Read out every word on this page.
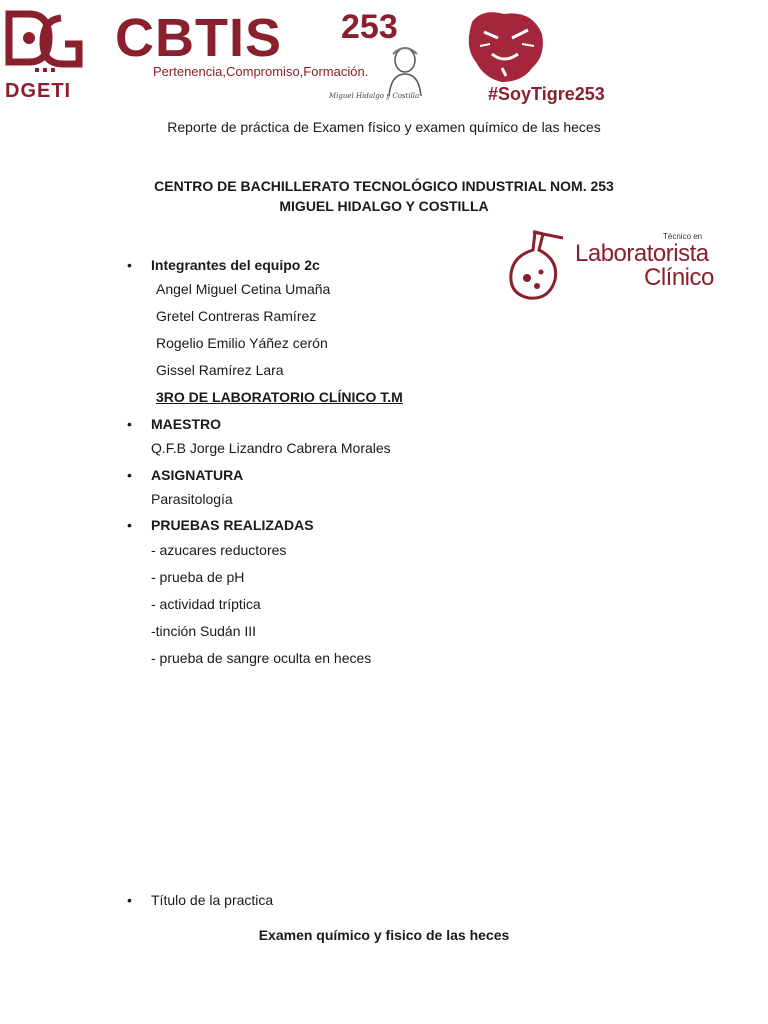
DGETI
CBTIS 253
Pertenencia,Compromiso,Formación.
Miguel Hidalgo y Costilla	#SoyTigre253
Reporte de práctica de Examen físico y examen químico de las heces
CENTRO DE BACHILLERATO TECNOLÓGICO INDUSTRIAL NOM. 253
MIGUEL HIDALGO Y COSTILLA
Técnico en
Laboratorista
Clínico
• Integrantes del equipo 2c
Angel Miguel Cetina Umaña
Gretel Contreras Ramírez
Rogelio Emilio Yáñez cerón
Gissel Ramírez Lara
3RO DE LABORATORIO CLÍNICO T.M
• MAESTRO
Q.F.B Jorge Lizandro Cabrera Morales
• ASIGNATURA
Parasitología
• PRUEBAS REALIZADAS
- azucares reductores
- prueba de pH
- actividad tríptica
-tinción Sudán III
- prueba de sangre oculta en heces
• Título de la practica
Examen químico y fisico de las heces
